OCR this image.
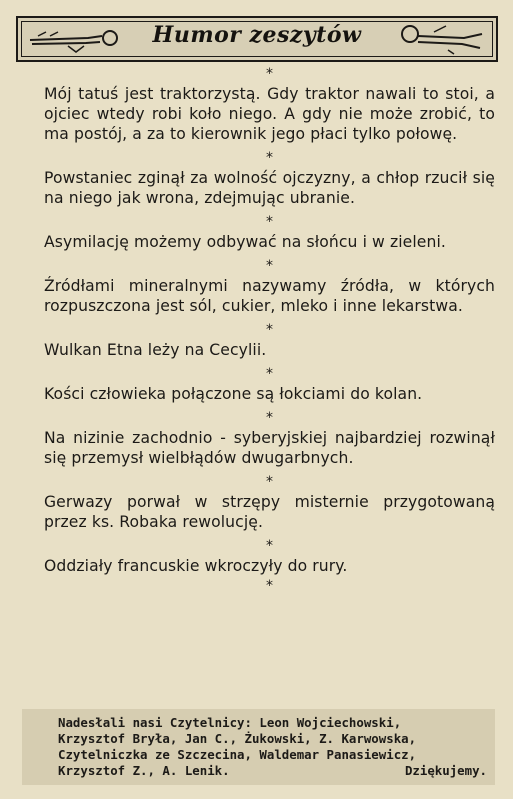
Humor zeszytów
*

Mój tatuś jest traktorzystą. Gdy traktor nawali to stoi, a ojciec wtedy robi koło niego. A gdy nie może zrobić, to ma postój, a za to kierownik jego płaci tylko połowę.

*

Powstaniec zginął za wolność ojczyzny, a chłop rzucił się na niego jak wrona, zdejmując ubranie.

*

Asymilację możemy odbywać na słońcu i w zieleni.

*

Źródłami mineralnymi nazywamy źródła, w których rozpuszczona jest sól, cukier, mleko i inne lekarstwa.

*

Wulkan Etna leży na Cecylii.

*

Kości człowieka połączone są łokciami do kolan.

*

Na nizinie zachodnio - syberyjskiej najbardziej rozwinął się przemysł wielbłądów dwugarbnych.

*

Gerwazy porwał w strzępy misternie przygotowaną przez ks. Robaka rewolucję.

*

Oddziały francuskie wkroczyły do rury.

*
Nadesłali nasi Czytelnicy: Leon Wojciechowski,
Krzysztof Bryła, Jan C., Żukowski, Z. Karwowska,
Czytelniczka ze Szczecina, Waldemar Panasiewicz,
Krzysztof Z., A. Lenik.	Dziękujemy.
